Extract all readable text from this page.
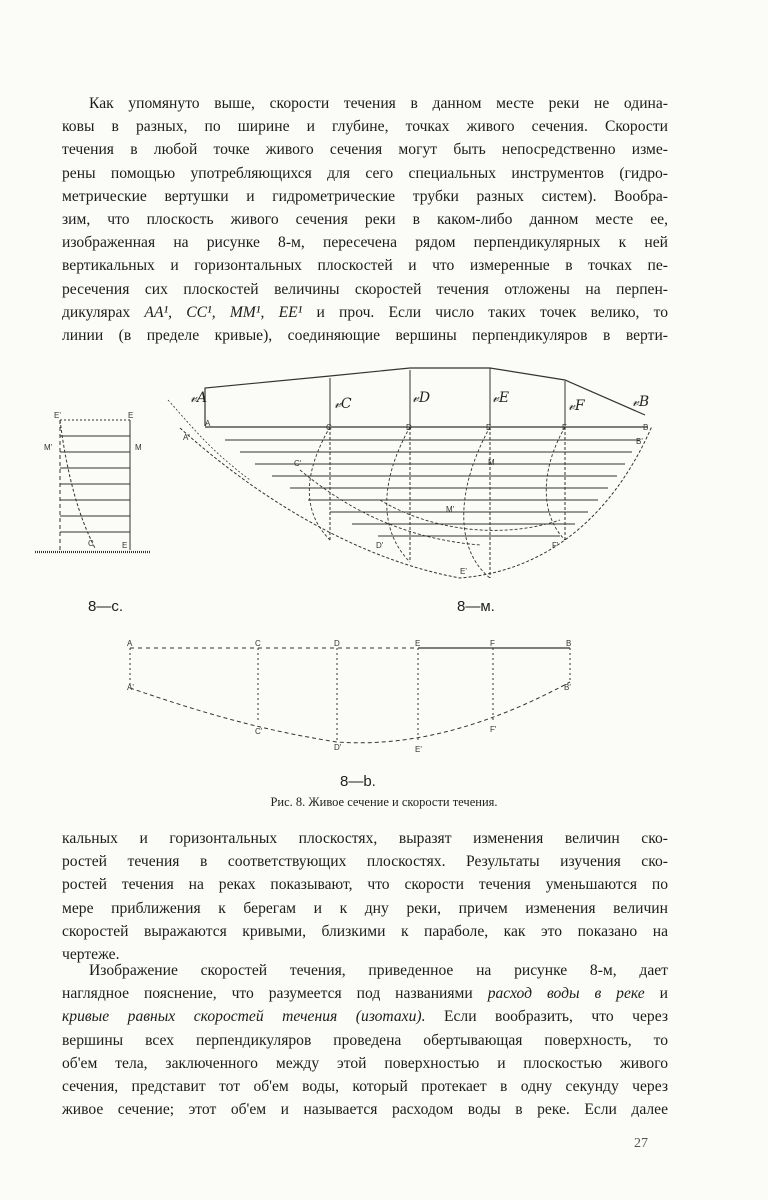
Как упомянуто выше, скорости течения в данном месте реки не одина-
ковы в разных, по ширине и глубине, точках живого сечения. Скорости
течения в любой точке живого сечения могут быть непосредственно изме-
рены помощью употребляющихся для сего специальных инструментов (гидро-
метрические вертушки и гидрометрические трубки разных систем). Вообра-
зим, что плоскость живого сечения реки в каком-либо данном месте ее,
изображенная на рисунке 8-м, пересечена рядом перпендикулярных к ней
вертикальных и горизонтальных плоскостей и что измеренные в точках пе-
ресечения сих плоскостей величины скоростей течения отложены на перпен-
дикулярах AA¹, CC¹, MM¹, EE¹ и проч. Если число таких точек велико, то
линии (в пределе кривые), соединяющие вершины перпендикуляров в верти-
E'	E
M'	M
C	E
𝓋A	𝓋C	𝓋D	𝓋E	𝓋F	𝓋B
A
A'
C
C'
D
D'
E
E'
F
F'
B
B'
M
M'
A
A'
C
C'
D
D'
E
E'
F
F'
B
B'
8—с.	8—м.
8—b.
Рис. 8. Живое сечение и скорости течения.
кальных и горизонтальных плоскостях, выразят изменения величин ско-
ростей течения в соответствующих плоскостях. Результаты изучения ско-
ростей течения на реках показывают, что скорости течения уменьшаются по
мере приближения к берегам и к дну реки, причем изменения величин
скоростей выражаются кривыми, близкими к параболе, как это показано на
чертеже.
Изображение скоростей течения, приведенное на рисунке 8-м, дает
наглядное пояснение, что разумеется под названиями расход воды в реке и
кривые равных скоростей течения (изотахи). Если вообразить, что через
вершины всех перпендикуляров проведена обертывающая поверхность, то
об'ем тела, заключенного между этой поверхностью и плоскостью живого
сечения, представит тот об'ем воды, который протекает в одну секунду через
живое сечение; этот об'ем и называется расходом воды в реке. Если далее
27
